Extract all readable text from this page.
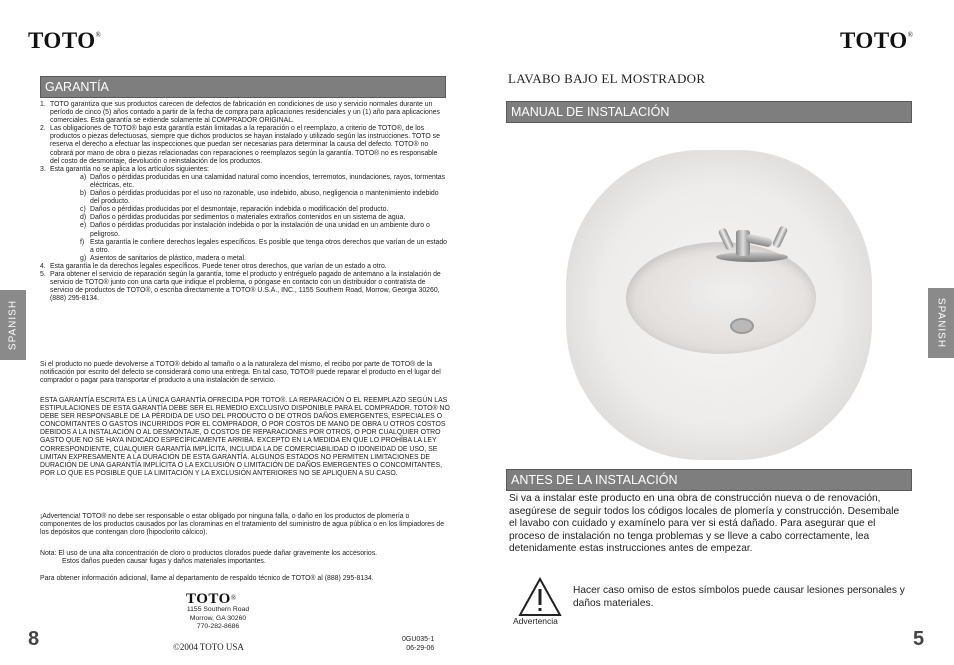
TOTO®
GARANTÍA
SPANISH
1. TOTO garantiza que sus productos carecen de defectos de fabricación en condiciones de uso y servicio normales durante un período de cinco (5) años contado a partir de la fecha de compra para aplicaciones residenciales y un (1) año para aplicaciones comerciales. Esta garantía se extiende solamente al COMPRADOR ORIGINAL.
2. Las obligaciones de TOTO® bajo esta garantía están limitadas a la reparación o el reemplazo, a criterio de TOTO®, de los productos o piezas defectuosas, siempre que dichos productos se hayan instalado y utilizado según las instrucciones. TOTO se reserva el derecho a efectuar las inspecciones que puedan ser necesarias para determinar la causa del defecto. TOTO® no cobrará por mano de obra o piezas relacionadas con reparaciones o reemplazos según la garantía. TOTO® no es responsable del costo de desmontaje, devolución o reinstalación de los productos.
3. Esta garantía no se aplica a los artículos siguientes:
a) Daños o pérdidas producidas en una calamidad natural como incendios, terremotos, inundaciones, rayos, tormentas eléctricas, etc.
b) Daños o pérdidas producidas por el uso no razonable, uso indebido, abuso, negligencia o mantenimiento indebido del producto.
c) Daños o pérdidas producidas por el desmontaje, reparación indebida o modificación del producto.
d) Daños o pérdidas producidas por sedimentos o materiales extraños contenidos en un sistema de agua.
e) Daños o pérdidas producidas por instalación indebida o por la instalación de una unidad en un ambiente duro o peligroso.
f) Esta garantía le confiere derechos legales específicos. Es posible que tenga otros derechos que varían de un estado a otro.
g) Asientos de sanitarios de plástico, madera o metal.
4. Esta garantía le da derechos legales específicos. Puede tener otros derechos, que varían de un estado a otro.
5. Para obtener el servicio de reparación según la garantía, tome el producto y entréguelo pagado de antemano a la instalación de servicio de TOTO® junto con una carta que indique el problema, o póngase en contacto con un distribuidor o contratista de servicio de productos de TOTO®, o escriba directamente a TOTO® U.S.A., INC., 1155 Southern Road, Morrow, Georgia 30260, (888) 295-8134.

Si el producto no puede devolverse a TOTO® debido al tamaño o a la naturaleza del mismo, el recibo por parte de TOTO® de la notificación por escrito del defecto se considerará como una entrega. En tal caso, TOTO® puede reparar el producto en el lugar del comprador o pagar para transportar el producto a una instalación de servicio.

ESTA GARANTÍA ESCRITA ES LA ÚNICA GARANTÍA OFRECIDA POR TOTO®. LA REPARACIÓN O EL REEMPLAZO SEGÚN LAS ESTIPULACIONES DE ESTA GARANTÍA DEBE SER EL REMEDIO EXCLUSIVO DISPONIBLE PARA EL COMPRADOR. TOTO® NO DEBE SER RESPONSABLE DE LA PÉRDIDA DE USO DEL PRODUCTO O DE OTROS DAÑOS EMERGENTES, ESPECIALES O CONCOMITANTES O GASTOS INCURRIDOS POR EL COMPRADOR, O POR COSTOS DE MANO DE OBRA U OTROS COSTOS DEBIDOS A LA INSTALACIÓN O AL DESMONTAJE, O COSTOS DE REPARACIONES POR OTROS, O POR CUALQUIER OTRO GASTO QUE NO SE HAYA INDICADO ESPECÍFICAMENTE ARRIBA. EXCEPTO EN LA MEDIDA EN QUE LO PROHÍBA LA LEY CORRESPONDIENTE, CUALQUIER GARANTÍA IMPLÍCITA, INCLUIDA LA DE COMERCIABILIDAD O IDONEIDAD DE USO, SE LIMITAN EXPRESAMENTE A LA DURACIÓN DE ESTA GARANTÍA. ALGUNOS ESTADOS NO PERMITEN LIMITACIONES DE DURACIÓN DE UNA GARANTÍA IMPLÍCITA O LA EXCLUSIÓN O LIMITACIÓN DE DAÑOS EMERGENTES O CONCOMITANTES, POR LO QUE ES POSIBLE QUE LA LIMITACIÓN Y LA EXCLUSIÓN ANTERIORES NO SE APLIQUEN A SU CASO.

¡Advertencia! TOTO® no debe ser responsable o estar obligado por ninguna falla, o daño en los productos de plomería o componentes de los productos causados por las cloraminas en el tratamiento del suministro de agua pública o en los limpiadores de los depósitos que contengan cloro (hipoclorito cálcico).

Nota: El uso de una alta concentración de cloro o productos clorados puede dañar gravemente los accesorios.

Estos daños pueden causar fugas y daños materiales importantes.

Para obtener información adicional, llame al departamento de respaldo técnico de TOTO® al (888) 295-8134.

TOTO®
1155 Southern Road
Morrow, GA 30260
770-282-8686
©2004 TOTO USA
0GU035-1
06-29-06
8
TOTO®
LAVABO BAJO EL MOSTRADOR
MANUAL DE INSTALACIÓN
SPANISH
ANTES DE LA INSTALACIÓN

Si va a instalar este producto en una obra de construcción nueva o de renovación, asegúrese de seguir todos los códigos locales de plomería y construcción. Desembale el lavabo con cuidado y examínelo para ver si está dañado. Para asegurar que el proceso de instalación no tenga problemas y se lleve a cabo correctamente, lea detenidamente estas instrucciones antes de empezar.

Advertencia

Hacer caso omiso de estos símbolos puede causar lesiones personales y daños materiales.

5
